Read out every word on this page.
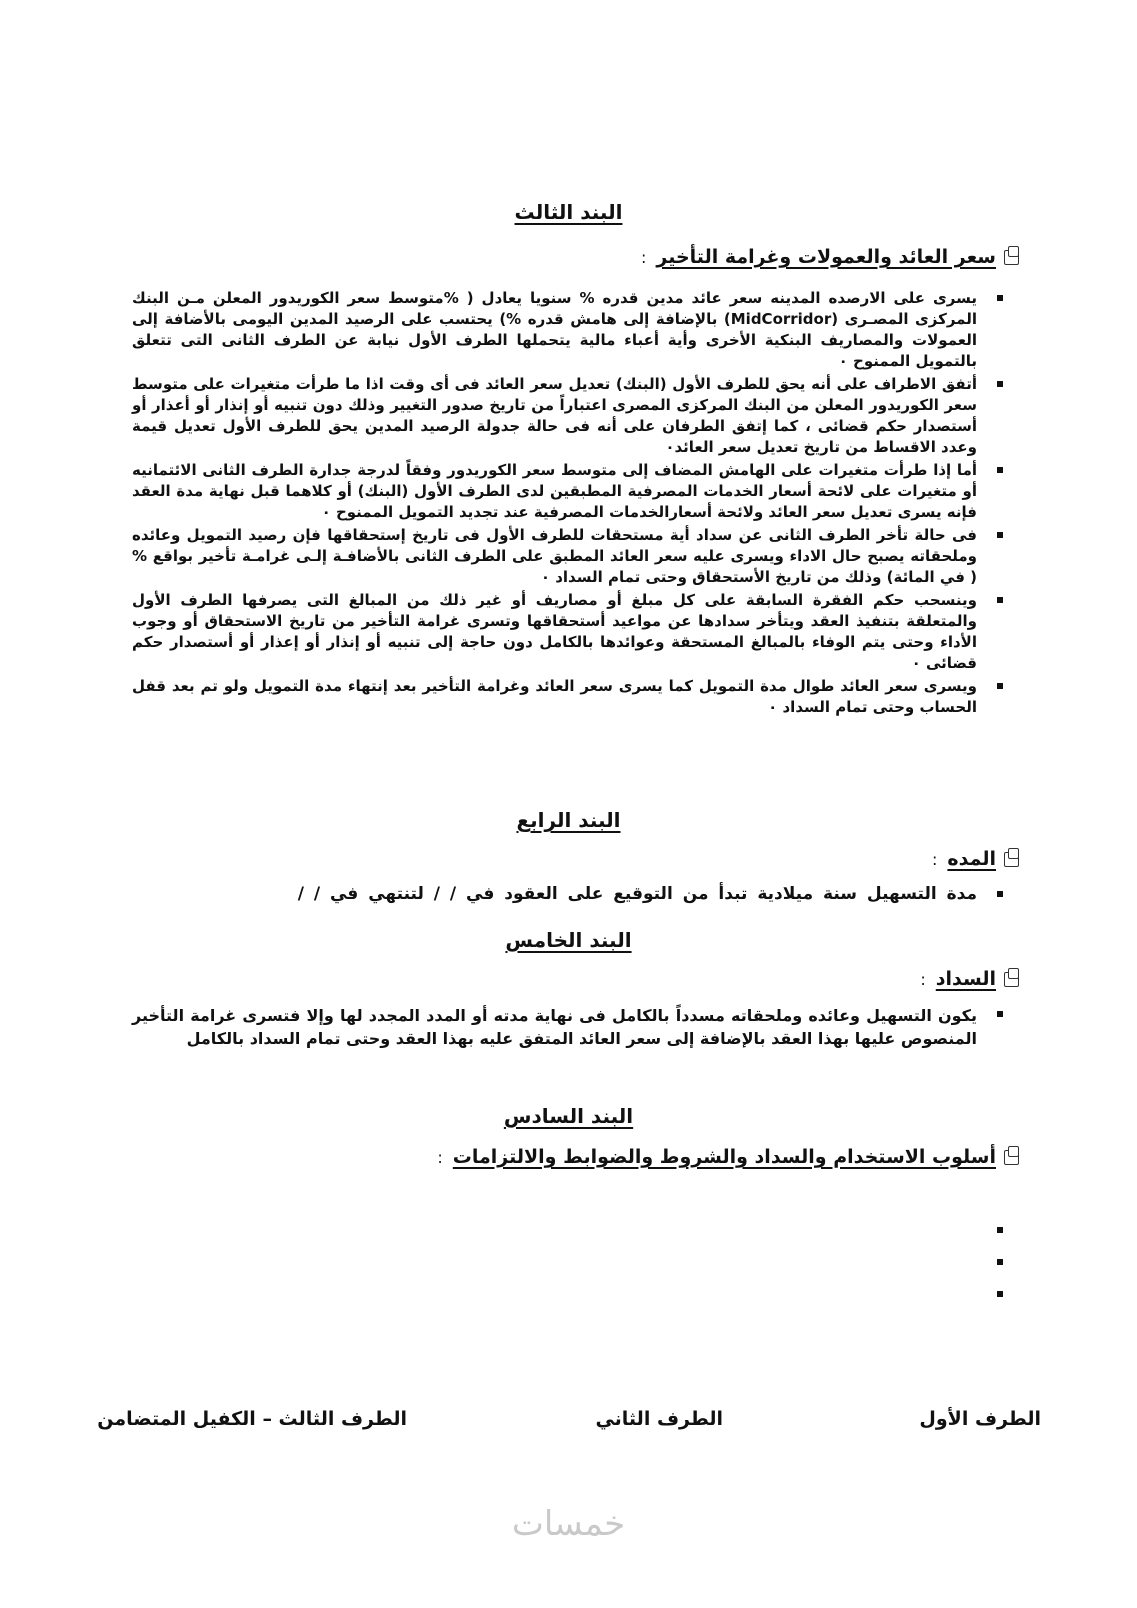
البند الثالث
سعر العائد والعمولات وغرامة التأخير
:
يسرى على الارصده المدينه سعر عائد مدين قدره % سنويا يعادل ( %متوسط سعر الكوريدور المعلن مـن البنك المركزى المصـرى (MidCorridor) بالإضافة إلى هامش قدره %) يحتسب على الرصيد المدين اليومى بالأضافة إلى العمولات والمصاريف البنكية الأخرى وأية أعباء مالية يتحملها الطرف الأول نيابة عن الطرف الثانى التى تتعلق بالتمويل الممنوح ٠
أتفق الاطراف على أنه يحق للطرف الأول (البنك) تعديل سعر العائد فى أى وقت اذا ما طرأت متغيرات على متوسط سعر الكوريدور المعلن من البنك المركزى المصرى اعتباراً من تاريخ صدور التغيير وذلك دون تنبيه أو إنذار أو أعذار أو أستصدار حكم قضائى ، كما إتفق الطرفان على أنه فى حالة جدولة الرصيد المدين يحق للطرف الأول تعديل قيمة وعدد الاقساط من تاريخ تعديل سعر العائد٠
أما إذا طرأت متغيرات على الهامش المضاف إلى متوسط سعر الكوريدور وفقاً لدرجة جدارة الطرف الثانى الائتمانيه أو متغيرات على لائحة أسعار الخدمات المصرفية المطبقين لدى الطرف الأول (البنك) أو كلاهما قبل نهاية مدة العقد فإنه يسرى تعديل سعر العائد ولائحة أسعارالخدمات المصرفية عند تجديد التمويل الممنوح ٠
فى حالة تأخر الطرف الثانى عن سداد أية مستحقات للطرف الأول فى تاريخ إستحقاقها فإن رصيد التمويل وعائده وملحقاته يصبح حال الاداء ويسرى عليه سعر العائد المطبق على الطرف الثانى بالأضافـة إلـى غرامـة تأخير بواقع % ( في المائة) وذلك من تاريخ الأستحقاق وحتى تمام السداد ٠
وينسحب حكم الفقرة السابقة على كل مبلغ أو مصاريف أو غير ذلك من المبالغ التى يصرفها الطرف الأول والمتعلقة بتنفيذ العقد ويتأخر سدادها عن مواعيد أستحقاقها وتسرى غرامة التأخير من تاريخ الاستحقاق أو وجوب الأداء وحتى يتم الوفاء بالمبالغ المستحقة وعوائدها بالكامل دون حاجة إلى تنبيه أو إنذار أو إعذار أو أستصدار حكم قضائى ٠
ويسرى سعر العائد طوال مدة التمويل كما يسرى سعر العائد وغرامة التأخير بعد إنتهاء مدة التمويل ولو تم بعد قفل الحساب وحتى تمام السداد ٠
البند الرابع
المده
:
مدة التسهيل سنة ميلادية تبدأ من التوقيع على العقود في / / لتنتهي في / /
البند الخامس
السداد
:
يكون التسهيل وعائده وملحقاته مسدداً بالكامل فى نهاية مدته أو المدد المجدد لها وإلا فتسرى غرامة التأخير المنصوص عليها بهذا العقد بالإضافة إلى سعر العائد المتفق عليه بهذا العقد وحتى تمام السداد بالكامل
البند السادس
أسلوب الاستخدام والسداد والشروط والضوابط والالتزامات
:
الطرف الأول
الطرف الثاني
الطرف الثالث – الكفيل المتضامن
خمسات
